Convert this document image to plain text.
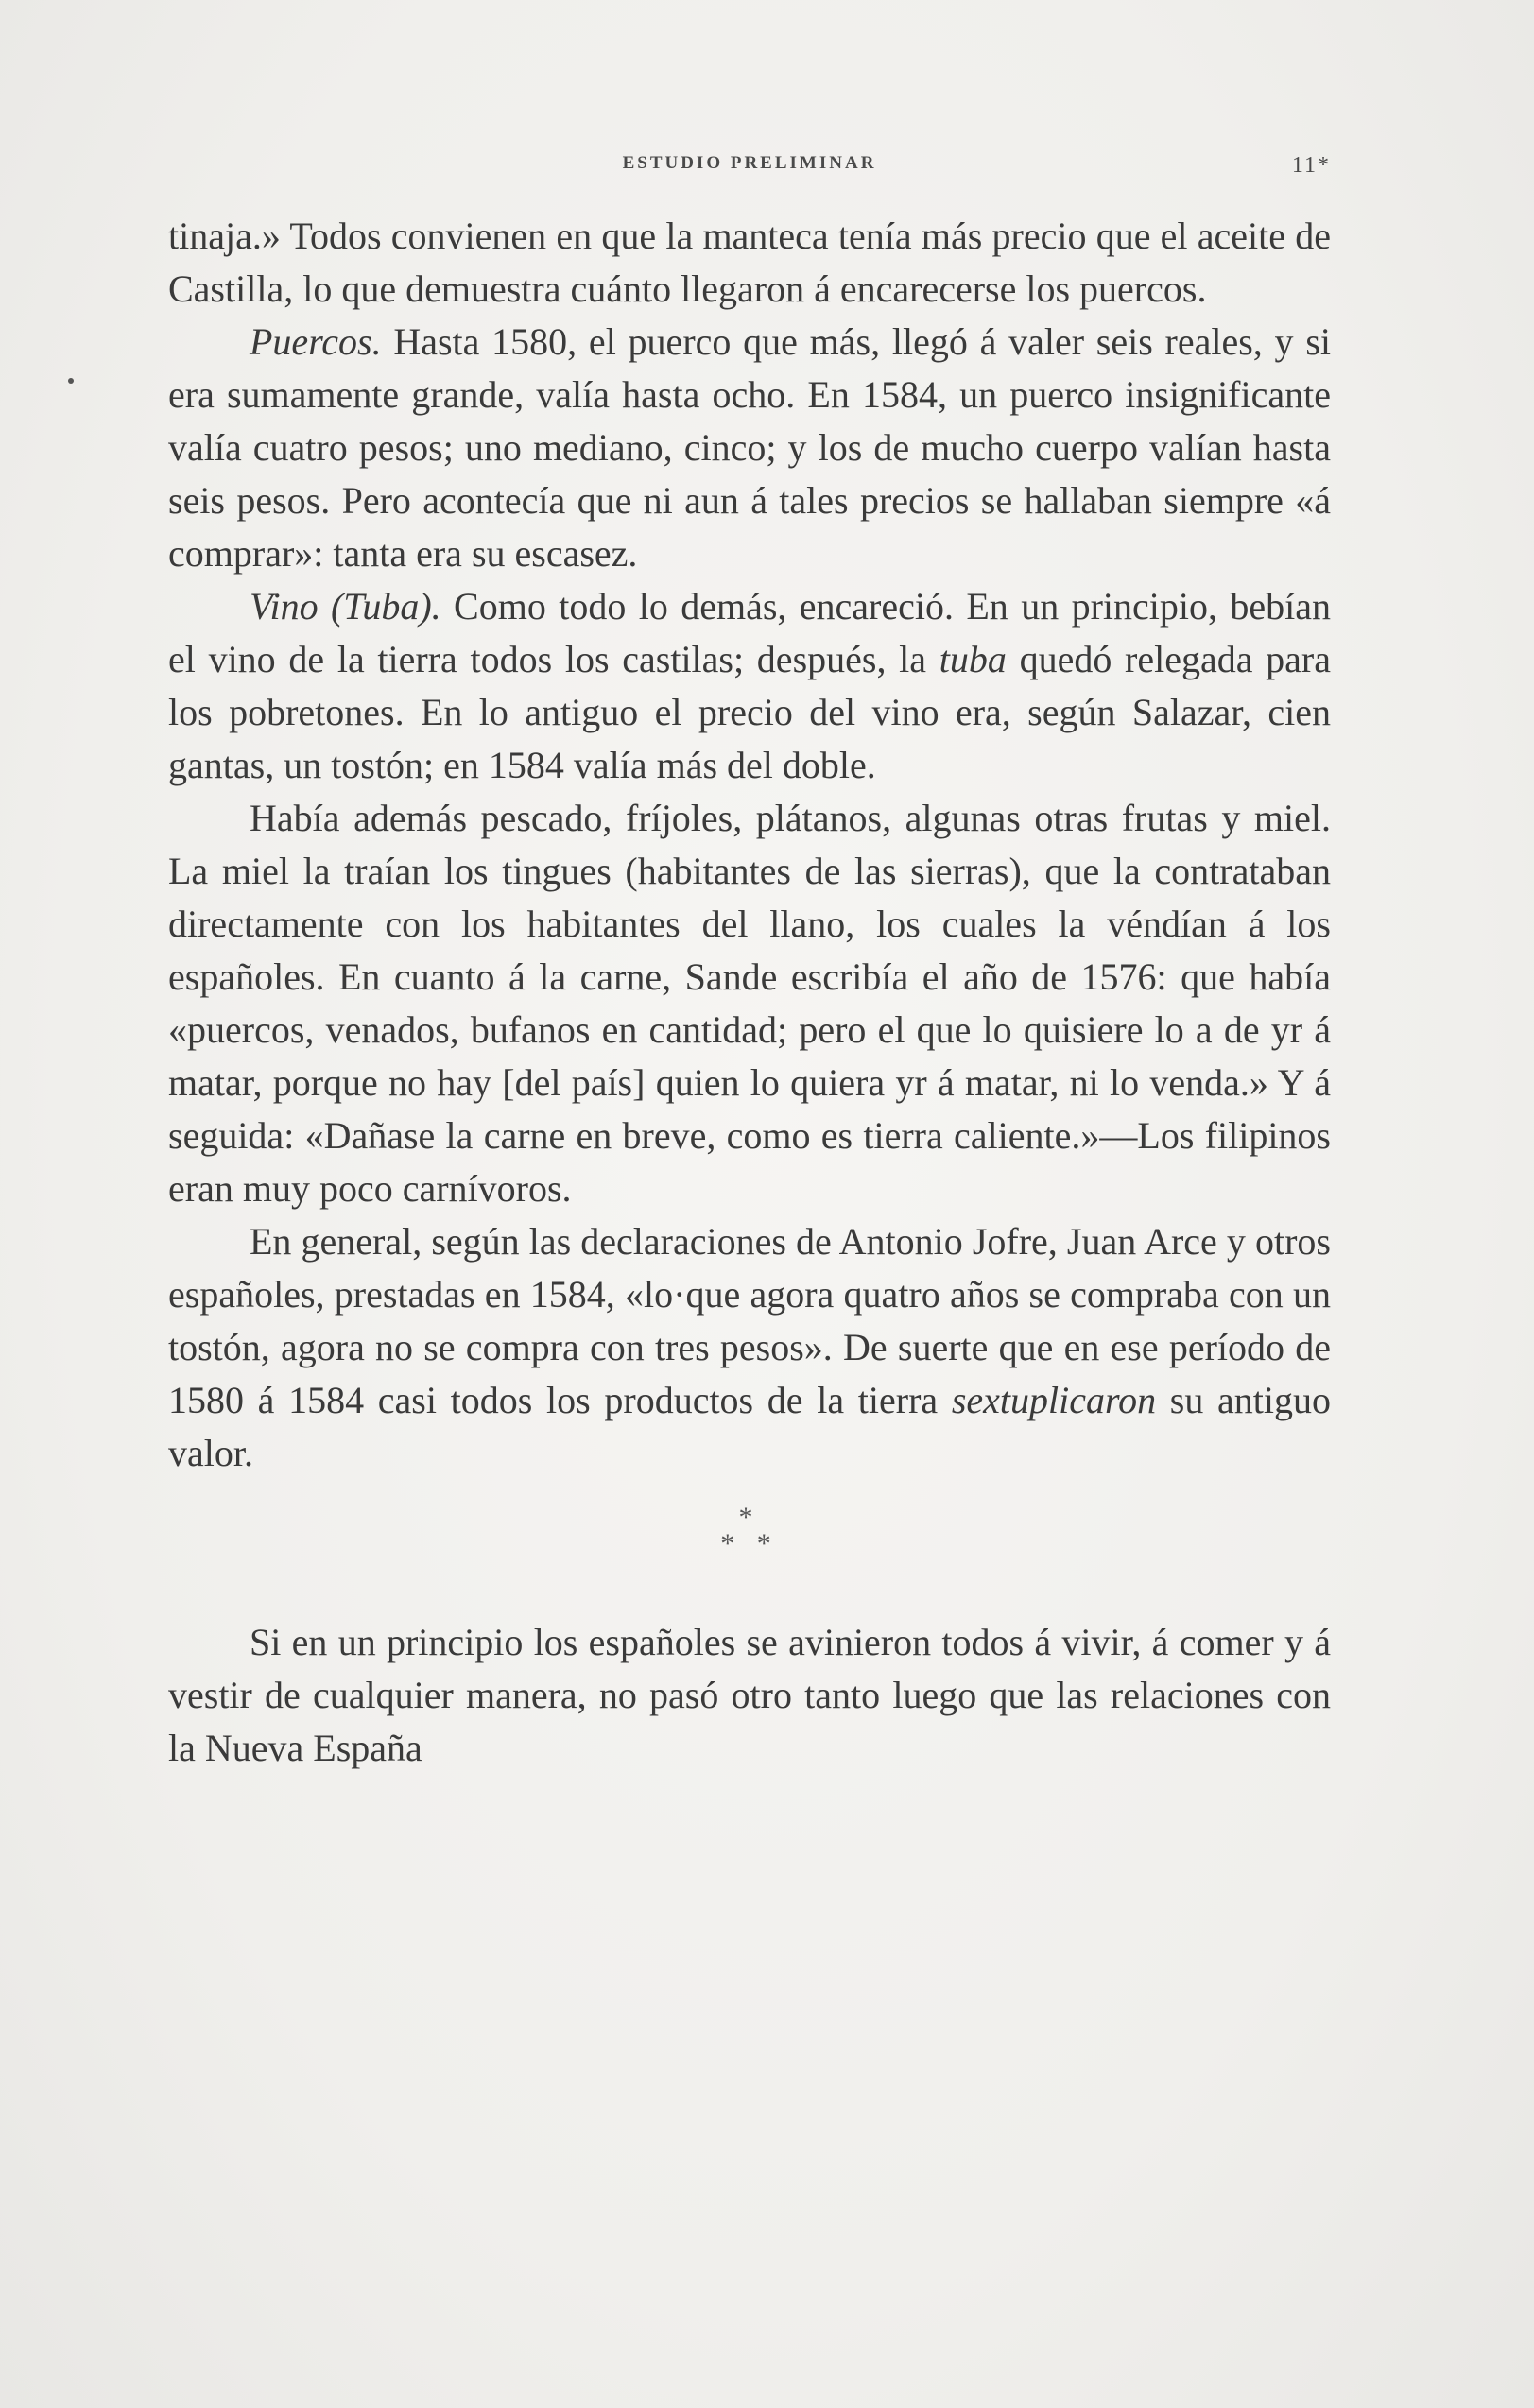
ESTUDIO PRELIMINAR	11*

tinaja.» Todos convienen en que la manteca tenía más precio que el aceite de Castilla, lo que demuestra cuánto llegaron á encarecerse los puercos.

Puercos. Hasta 1580, el puerco que más, llegó á valer seis reales, y si era sumamente grande, valía hasta ocho. En 1584, un puerco insignificante valía cuatro pesos; uno mediano, cinco; y los de mucho cuerpo valían hasta seis pesos. Pero acontecía que ni aun á tales precios se hallaban siempre «á comprar»: tanta era su escasez.

Vino (Tuba). Como todo lo demás, encareció. En un principio, bebían el vino de la tierra todos los castilas; después, la tuba quedó relegada para los pobretones. En lo antiguo el precio del vino era, según Salazar, cien gantas, un tostón; en 1584 valía más del doble.

Había además pescado, fríjoles, plátanos, algunas otras frutas y miel. La miel la traían los tingues (habitantes de las sierras), que la contrataban directamente con los habitantes del llano, los cuales la véndían á los españoles. En cuanto á la carne, Sande escribía el año de 1576: que había «puercos, venados, bufanos en cantidad; pero el que lo quisiere lo a de yr á matar, porque no hay [del país] quien lo quiera yr á matar, ni lo venda.» Y á seguida: «Dañase la carne en breve, como es tierra caliente.»—Los filipinos eran muy poco carnívoros.

En general, según las declaraciones de Antonio Jofre, Juan Arce y otros españoles, prestadas en 1584, «lo·que agora quatro años se compraba con un tostón, agora no se compra con tres pesos». De suerte que en ese período de 1580 á 1584 casi todos los productos de la tierra sextuplicaron su antiguo valor.

*
* *

Si en un principio los españoles se avinieron todos á vivir, á comer y á vestir de cualquier manera, no pasó otro tanto luego que las relaciones con la Nueva España
